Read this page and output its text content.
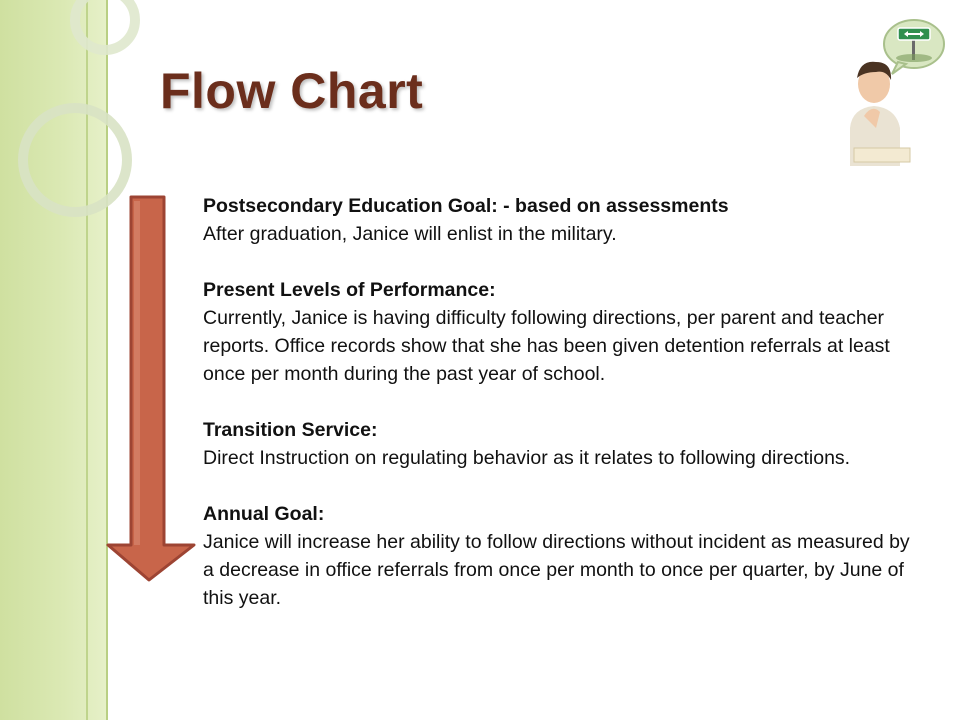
Flow Chart

Postsecondary Education Goal: - based on assessments

After graduation, Janice will enlist in the military.

Present Levels of Performance:

Currently, Janice is having difficulty following directions, per parent and teacher reports. Office records show that she has been given detention referrals at least once per month during the past year of school.

Transition Service:

Direct Instruction on regulating behavior as it relates to following directions.

Annual Goal:

Janice will increase her ability to follow directions without incident as measured by a decrease in office referrals from once per month to once per quarter, by June of this year.
